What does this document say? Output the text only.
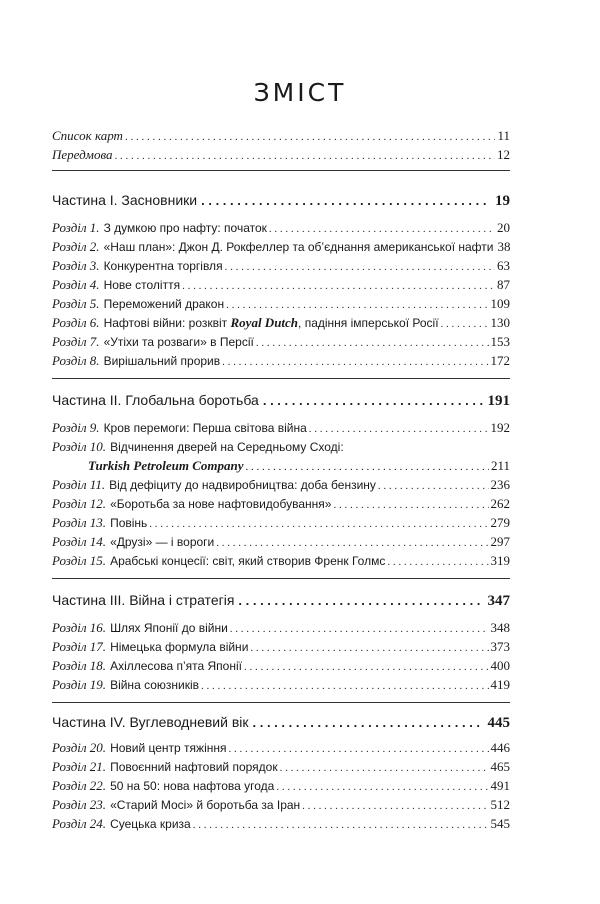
ЗМІСТ
Список карт . . .	11
Передмова . . .	12
Частина I. Засновники . . .	19
Розділ 1. З думкою про нафту: початок . . .	20
Розділ 2. «Наш план»: Джон Д. Рокфеллер та об’єднання американської нафти 38
Розділ 3. Конкурентна торгівля . . .	63
Розділ 4. Нове століття . . .	87
Розділ 5. Переможений дракон . . .	109
Розділ 6. Нафтові війни: розквіт Royal Dutch, падіння імперської Росії . . .	130
Розділ 7. «Утіхи та розваги» в Персії . . .	153
Розділ 8. Вирішальний прорив . . .	172
Частина II. Глобальна боротьба . . .	191
Розділ 9. Кров перемоги: Перша світова війна . . .	192
Розділ 10. Відчинення дверей на Середньому Сході:
Turkish Petroleum Company . . .	211
Розділ 11. Від дефіциту до надвиробництва: доба бензину . . .	236
Розділ 12. «Боротьба за нове нафтовидобування» . . .	262
Розділ 13. Повінь . . .	279
Розділ 14. «Друзі» — і вороги . . .	297
Розділ 15. Арабські концесії: світ, який створив Френк Голмс . . .	319
Частина III. Війна і стратегія . . .	347
Розділ 16. Шлях Японії до війни . . .	348
Розділ 17. Німецька формула війни . . .	373
Розділ 18. Ахіллесова п’ята Японії . . .	400
Розділ 19. Війна союзників . . .	419
Частина IV. Вуглеводневий вік . . .	445
Розділ 20. Новий центр тяжіння . . .	446
Розділ 21. Повоєнний нафтовий порядок . . .	465
Розділ 22. 50 на 50: нова нафтова угода . . .	491
Розділ 23. «Старий Мосі» й боротьба за Іран . . .	512
Розділ 24. Суецька криза . . .	545
